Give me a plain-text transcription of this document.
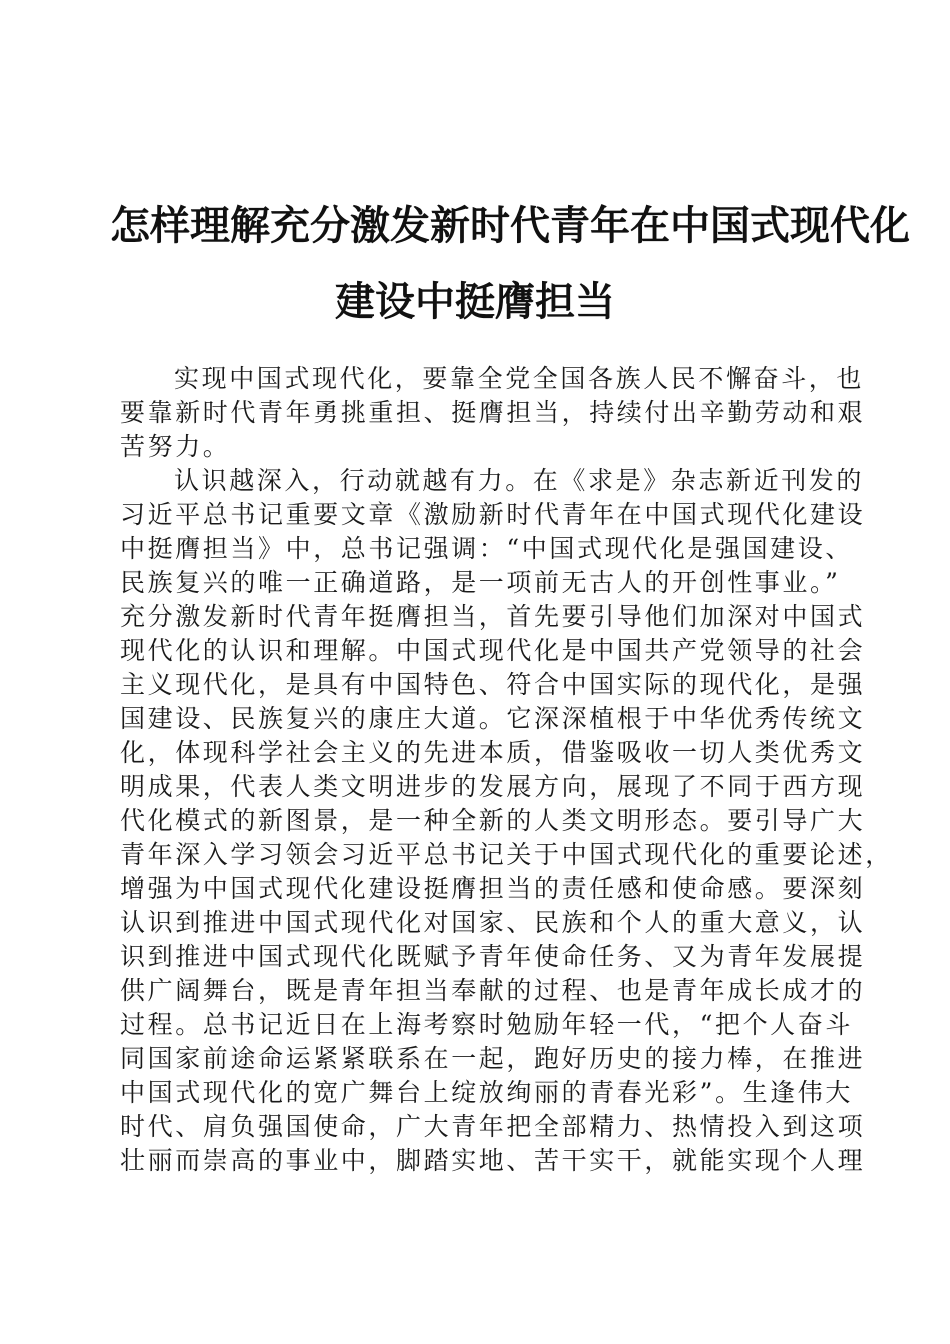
怎样理解充分激发新时代青年在中国式现代化
建设中挺膺担当
实现中国式现代化，要靠全党全国各族人民不懈奋斗，也
要靠新时代青年勇挑重担、挺膺担当，持续付出辛勤劳动和艰
苦努力。
认识越深入，行动就越有力。在《求是》杂志新近刊发的
习近平总书记重要文章《激励新时代青年在中国式现代化建设
中挺膺担当》中，总书记强调：“中国式现代化是强国建设、
民族复兴的唯一正确道路，是一项前无古人的开创性事业。”
充分激发新时代青年挺膺担当，首先要引导他们加深对中国式
现代化的认识和理解。中国式现代化是中国共产党领导的社会
主义现代化，是具有中国特色、符合中国实际的现代化，是强
国建设、民族复兴的康庄大道。它深深植根于中华优秀传统文
化，体现科学社会主义的先进本质，借鉴吸收一切人类优秀文
明成果，代表人类文明进步的发展方向，展现了不同于西方现
代化模式的新图景，是一种全新的人类文明形态。要引导广大
青年深入学习领会习近平总书记关于中国式现代化的重要论述，
增强为中国式现代化建设挺膺担当的责任感和使命感。要深刻
认识到推进中国式现代化对国家、民族和个人的重大意义，认
识到推进中国式现代化既赋予青年使命任务、又为青年发展提
供广阔舞台，既是青年担当奉献的过程、也是青年成长成才的
过程。总书记近日在上海考察时勉励年轻一代，“把个人奋斗
同国家前途命运紧紧联系在一起，跑好历史的接力棒，在推进
中国式现代化的宽广舞台上绽放绚丽的青春光彩”。生逢伟大
时代、肩负强国使命，广大青年把全部精力、热情投入到这项
壮丽而崇高的事业中，脚踏实地、苦干实干，就能实现个人理
